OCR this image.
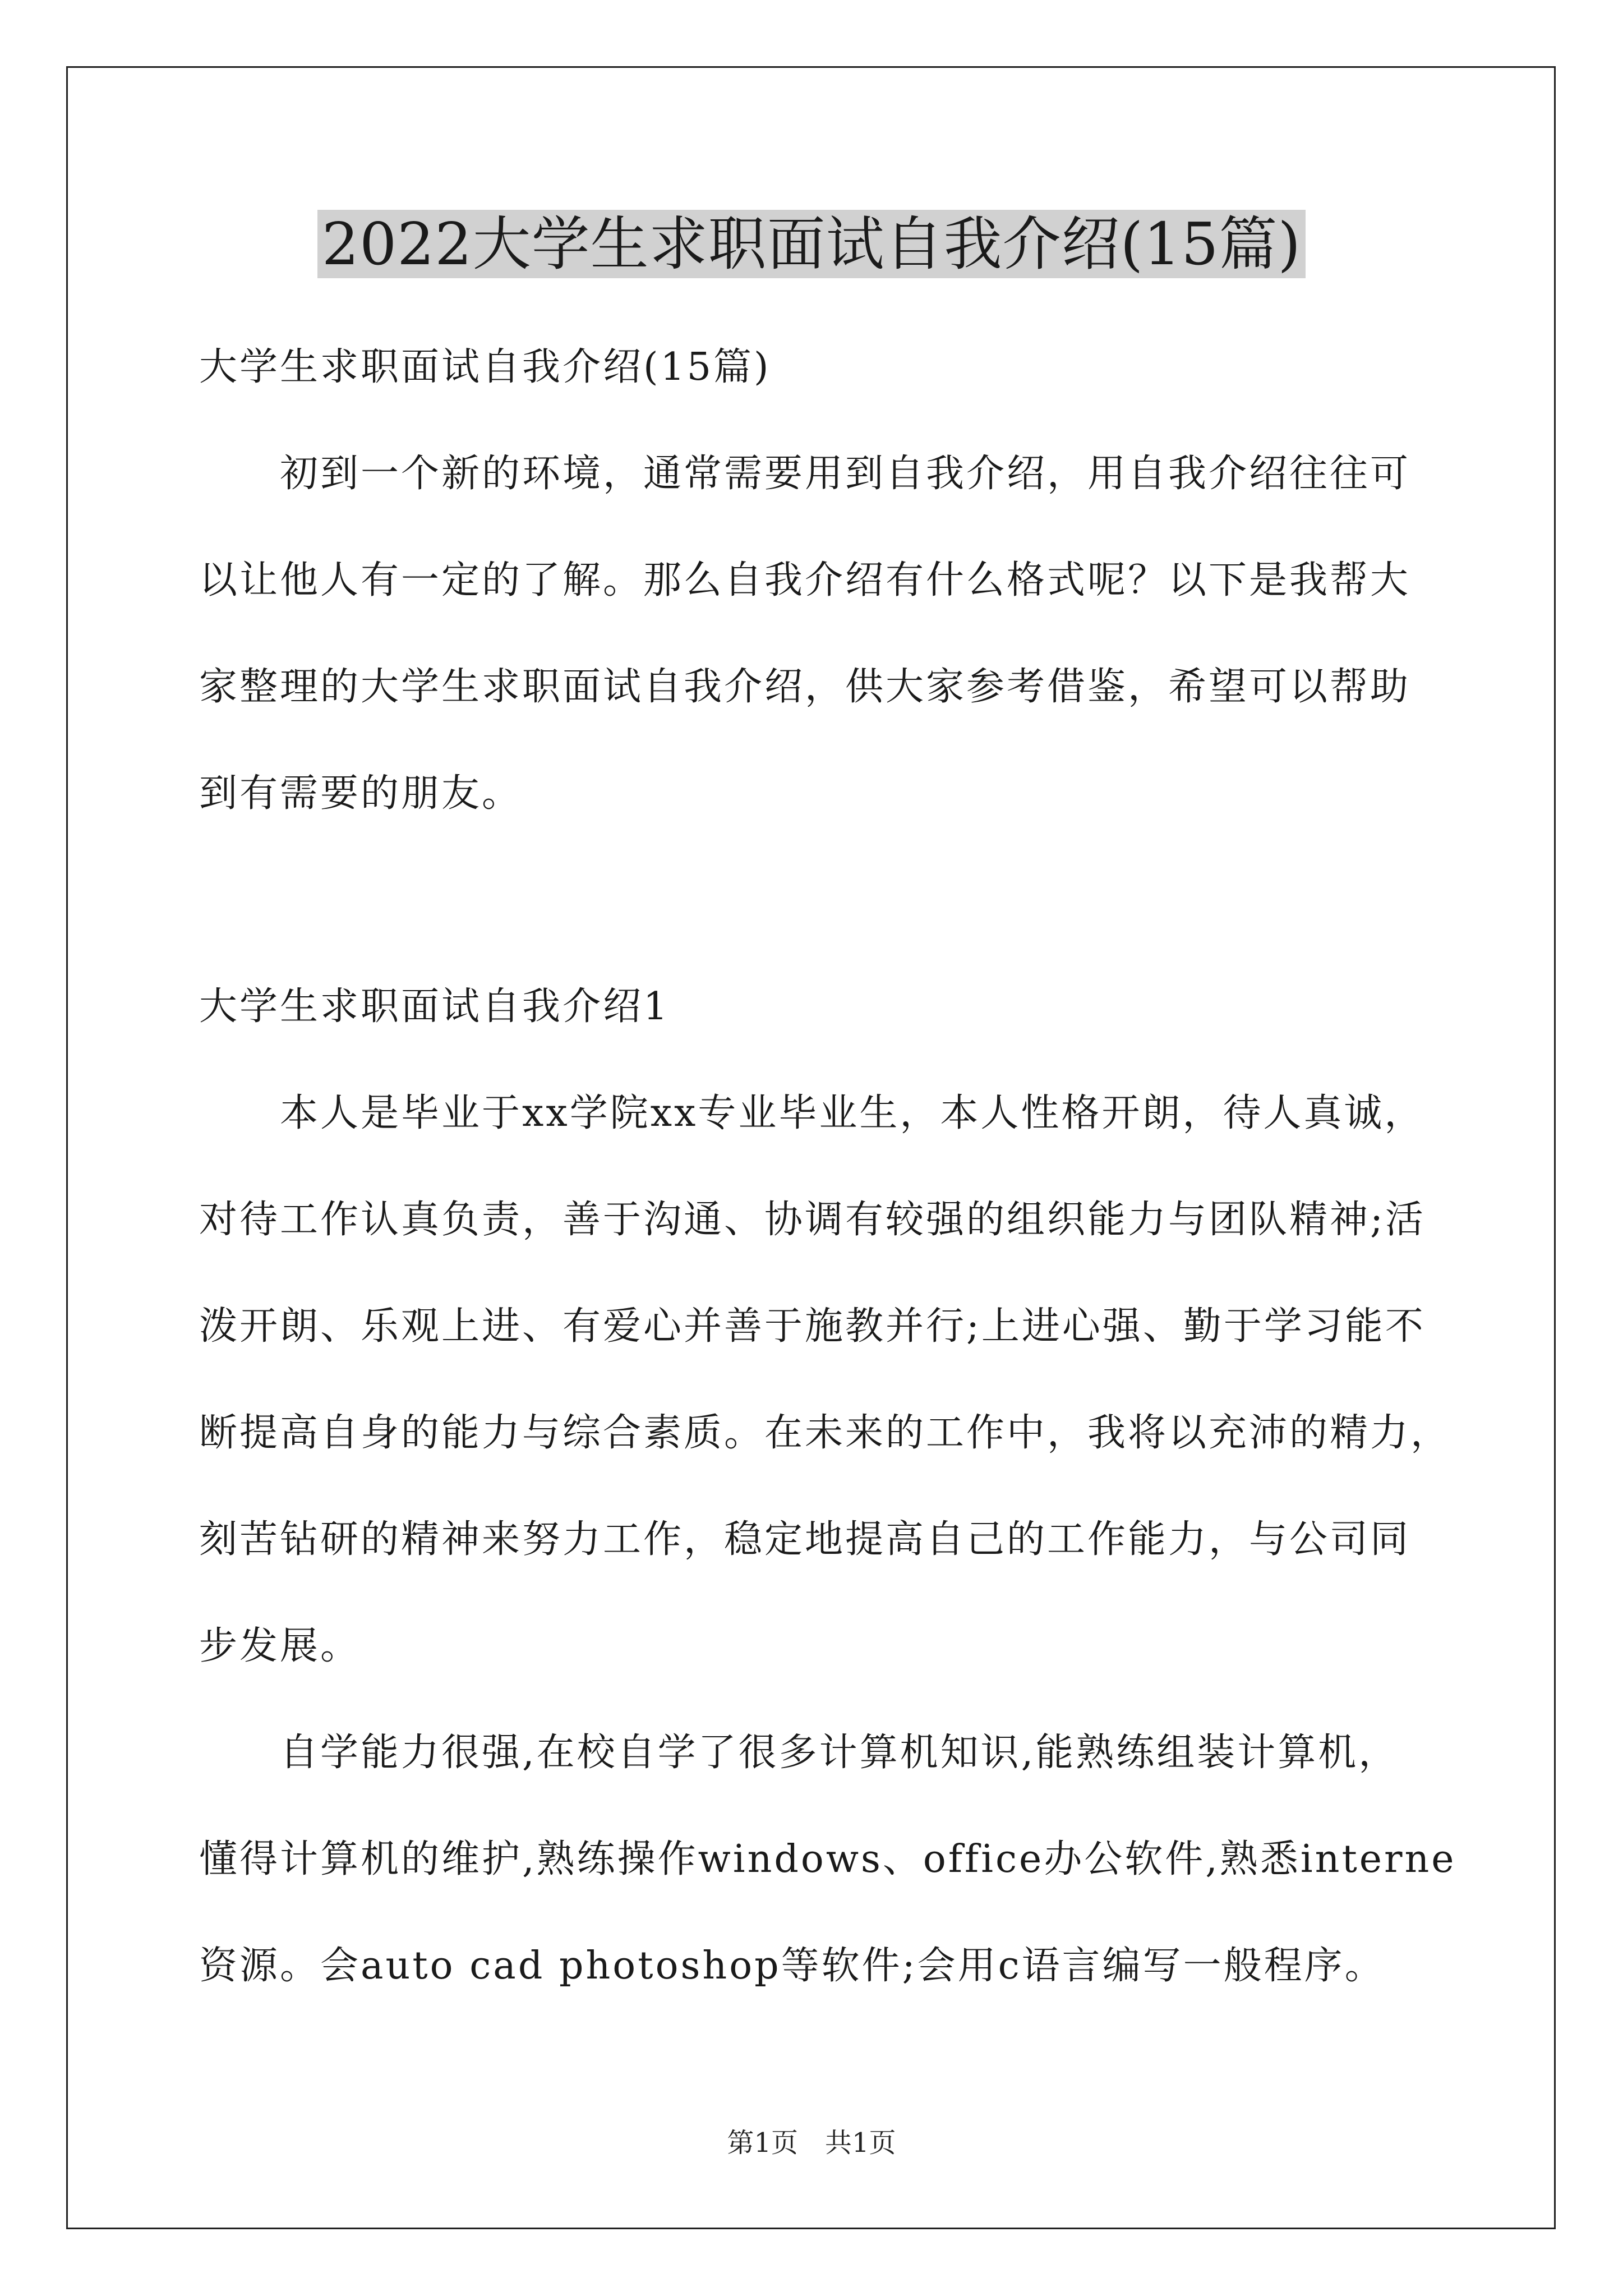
2022大学生求职面试自我介绍(15篇)
大学生求职面试自我介绍(15篇)
　　初到一个新的环境，通常需要用到自我介绍，用自我介绍往往可
以让他人有一定的了解。那么自我介绍有什么格式呢？以下是我帮大
家整理的大学生求职面试自我介绍，供大家参考借鉴，希望可以帮助
到有需要的朋友。
大学生求职面试自我介绍1
　　本人是毕业于xx学院xx专业毕业生，本人性格开朗，待人真诚，
对待工作认真负责，善于沟通、协调有较强的组织能力与团队精神;活
泼开朗、乐观上进、有爱心并善于施教并行;上进心强、勤于学习能不
断提高自身的能力与综合素质。在未来的工作中，我将以充沛的精力，
刻苦钻研的精神来努力工作，稳定地提高自己的工作能力，与公司同
步发展。
　　自学能力很强,在校自学了很多计算机知识,能熟练组装计算机，
懂得计算机的维护,熟练操作windows、office办公软件,熟悉interne
资源。会auto cad photoshop等软件;会用c语言编写一般程序。
第1页 共1页
